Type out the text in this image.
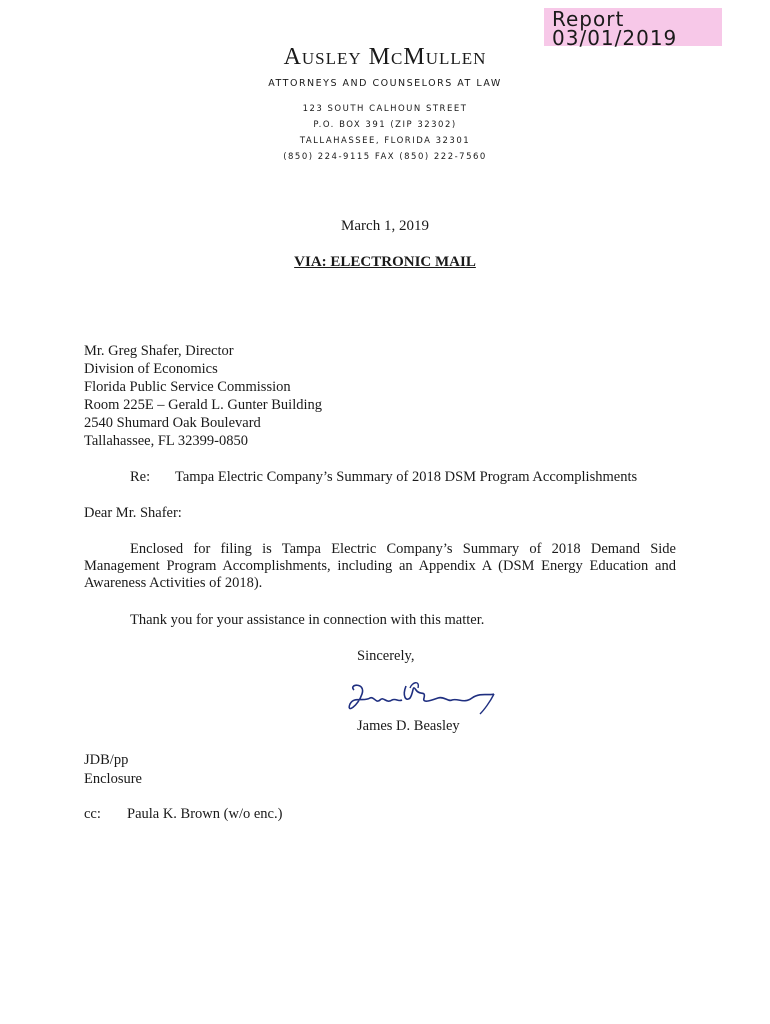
Report
03/01/2019
Ausley McMullen
ATTORNEYS AND COUNSELORS AT LAW
123 SOUTH CALHOUN STREET
P.O. BOX 391 (ZIP 32302)
TALLAHASSEE, FLORIDA 32301
(850) 224-9115 FAX (850) 222-7560
March 1, 2019
VIA: ELECTRONIC MAIL
Mr. Greg Shafer, Director
Division of Economics
Florida Public Service Commission
Room 225E – Gerald L. Gunter Building
2540 Shumard Oak Boulevard
Tallahassee, FL 32399-0850
Re: Tampa Electric Company’s Summary of 2018 DSM Program Accomplishments
Dear Mr. Shafer:
Enclosed for filing is Tampa Electric Company’s Summary of 2018 Demand Side Management Program Accomplishments, including an Appendix A (DSM Energy Education and Awareness Activities of 2018).
Thank you for your assistance in connection with this matter.
Sincerely,
James D. Beasley
JDB/pp
Enclosure
cc: Paula K. Brown (w/o enc.)
